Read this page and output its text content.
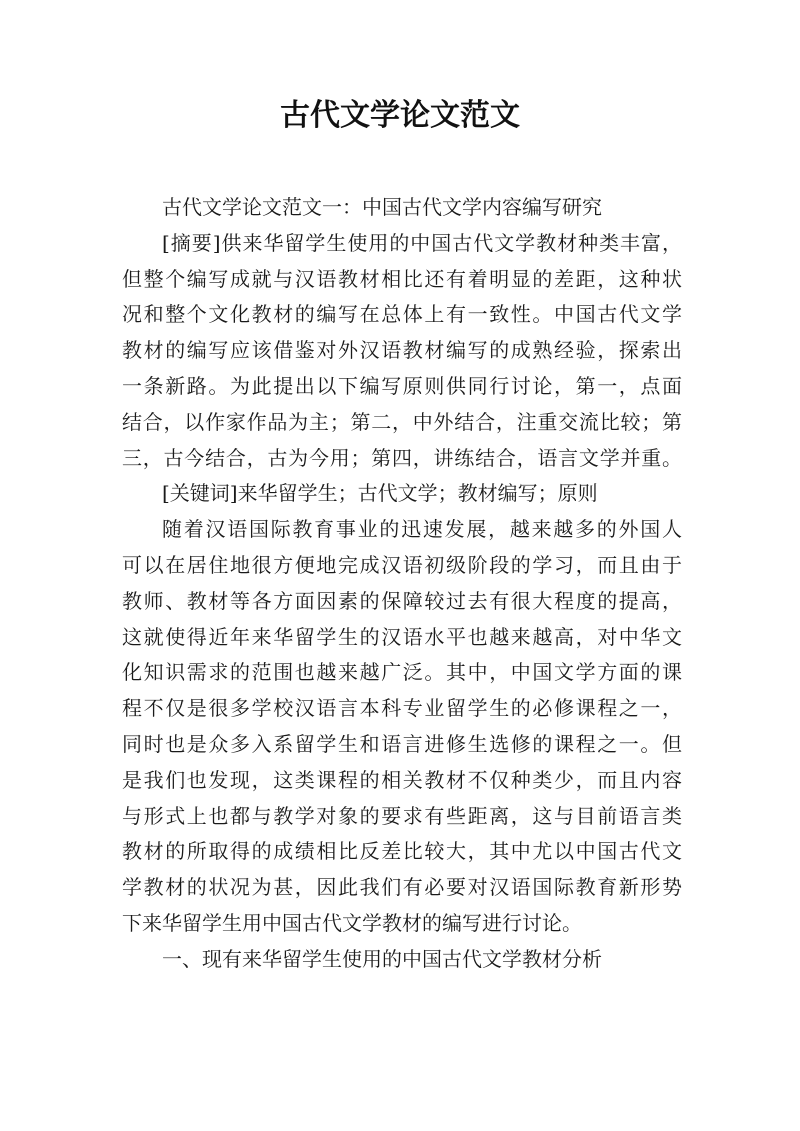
古代文学论文范文
古代文学论文范文一：中国古代文学内容编写研究
[摘要]供来华留学生使用的中国古代文学教材种类丰富，
但整个编写成就与汉语教材相比还有着明显的差距，这种状
况和整个文化教材的编写在总体上有一致性。中国古代文学
教材的编写应该借鉴对外汉语教材编写的成熟经验，探索出
一条新路。为此提出以下编写原则供同行讨论，第一，点面
结合，以作家作品为主；第二，中外结合，注重交流比较；第
三，古今结合，古为今用；第四，讲练结合，语言文学并重。
[关键词]来华留学生；古代文学；教材编写；原则
随着汉语国际教育事业的迅速发展，越来越多的外国人
可以在居住地很方便地完成汉语初级阶段的学习，而且由于
教师、教材等各方面因素的保障较过去有很大程度的提高，
这就使得近年来华留学生的汉语水平也越来越高，对中华文
化知识需求的范围也越来越广泛。其中，中国文学方面的课
程不仅是很多学校汉语言本科专业留学生的必修课程之一，
同时也是众多入系留学生和语言进修生选修的课程之一。但
是我们也发现，这类课程的相关教材不仅种类少，而且内容
与形式上也都与教学对象的要求有些距离，这与目前语言类
教材的所取得的成绩相比反差比较大，其中尤以中国古代文
学教材的状况为甚，因此我们有必要对汉语国际教育新形势
下来华留学生用中国古代文学教材的编写进行讨论。
一、现有来华留学生使用的中国古代文学教材分析
